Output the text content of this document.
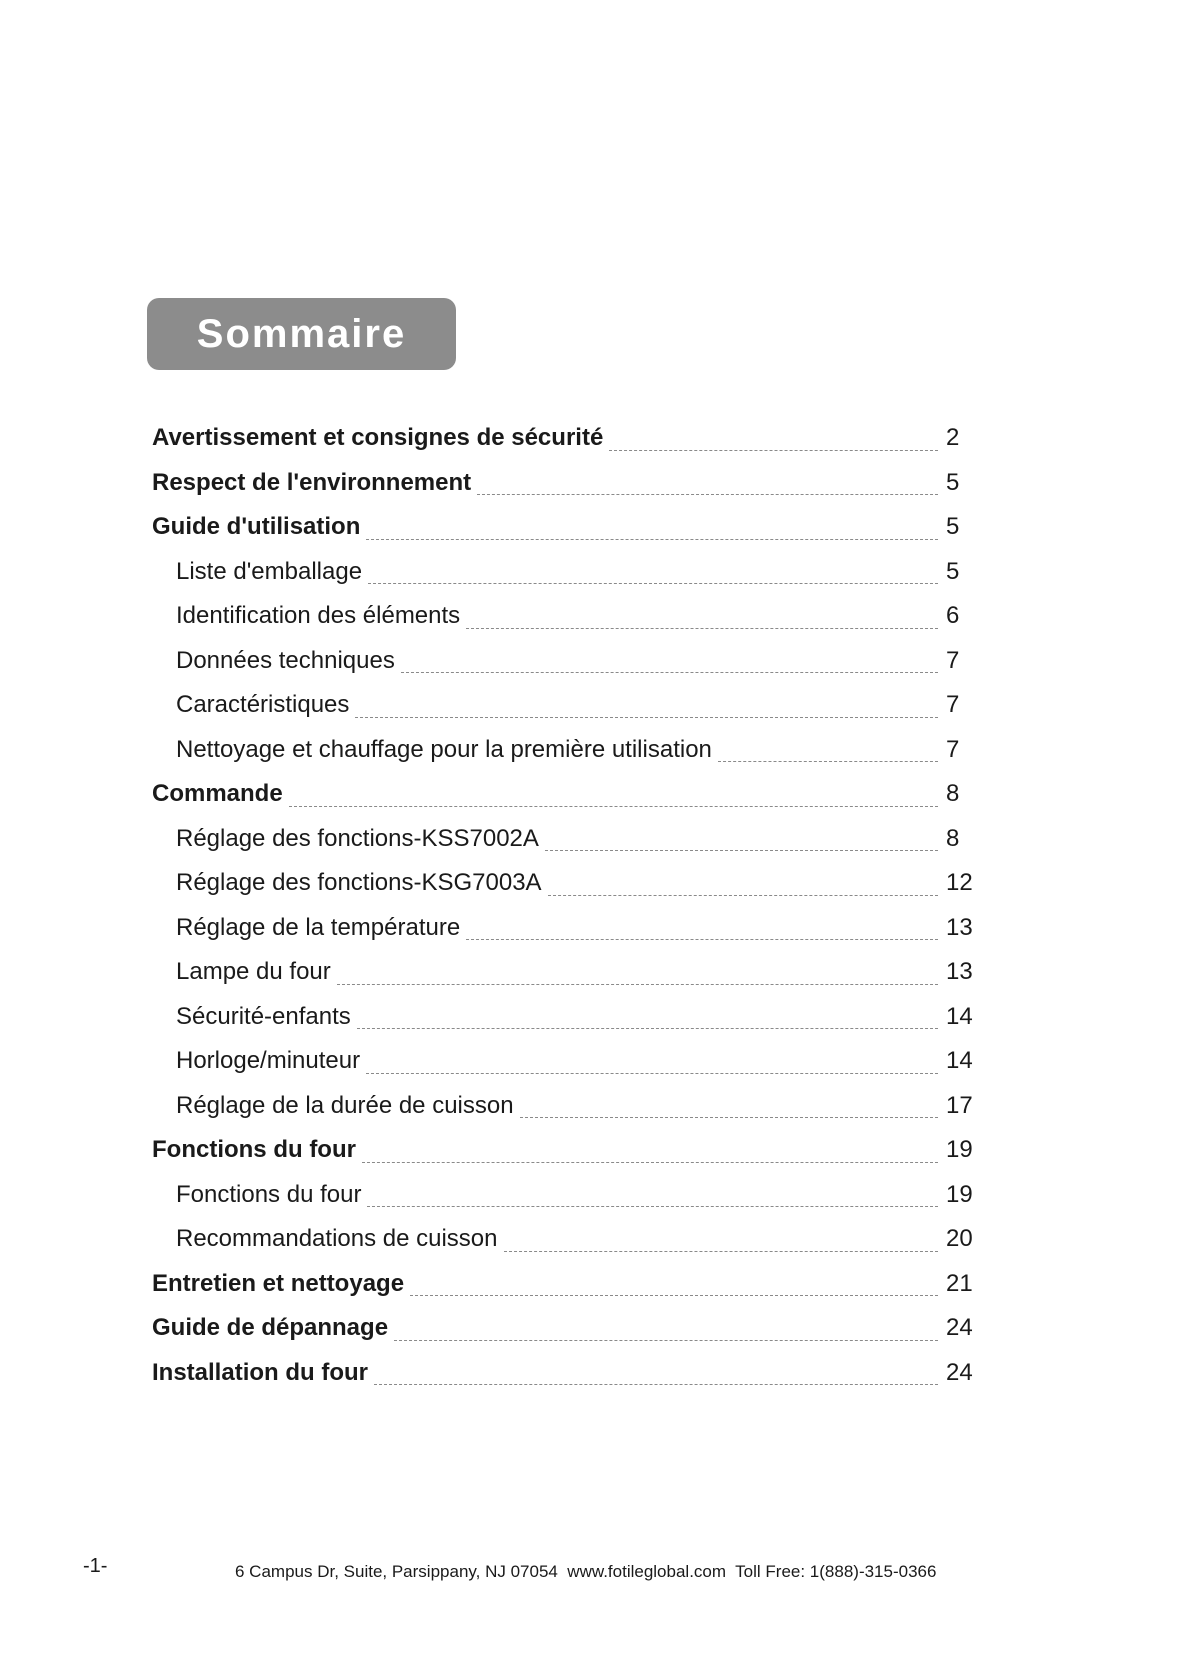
Sommaire
Avertissement et consignes de sécurité	2
Respect de l'environnement	5
Guide d'utilisation	5
Liste d'emballage	5
Identification des éléments	6
Données techniques	7
Caractéristiques	7
Nettoyage et chauffage pour la première utilisation	7
Commande	8
Réglage des fonctions-KSS7002A	8
Réglage des fonctions-KSG7003A	12
Réglage de la température	13
Lampe du four	13
Sécurité-enfants	14
Horloge/minuteur	14
Réglage de la durée de cuisson	17
Fonctions du four	19
Fonctions du four	19
Recommandations de cuisson	20
Entretien et nettoyage	21
Guide de dépannage	24
Installation du four	24
-1-	6 Campus Dr, Suite, Parsippany, NJ 07054  www.fotileglobal.com  Toll Free: 1(888)-315-0366
